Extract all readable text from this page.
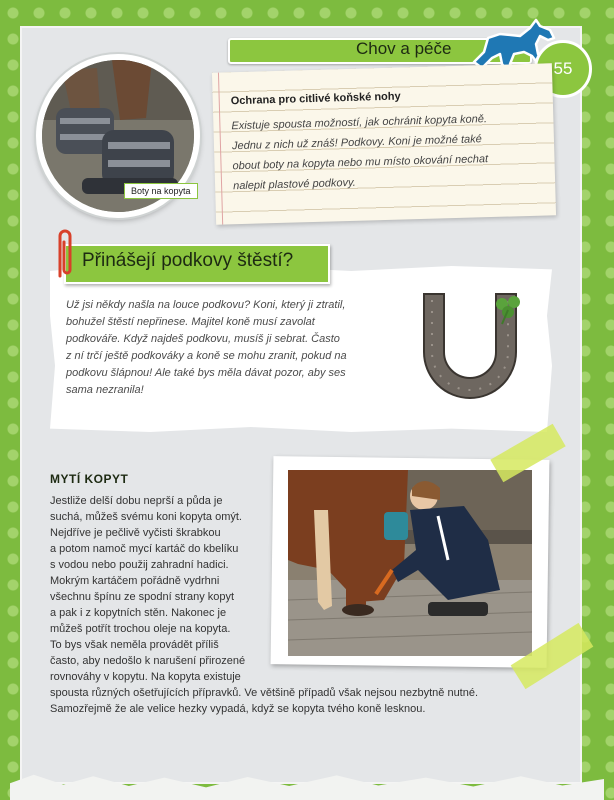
Chov a péče
55
Boty na kopyta
Ochrana pro citlivé koňské nohy
Existuje spousta možností, jak ochránit kopyta koně.
Jednu z nich už znáš! Podkovy. Koni je možné také
obout boty na kopyta nebo mu místo okování nechat
nalepit plastové podkovy.
Přinášejí podkovy štěstí?
Už jsi někdy našla na louce podkovu? Koni, který ji ztratil,
bohužel štěstí nepřinese. Majitel koně musí zavolat
podkováře. Když najdeš podkovu, musíš ji sebrat. Často
z ní trčí ještě podkováky a koně se mohu zranit, pokud na
podkovu šlápnou! Ale také bys měla dávat pozor, aby ses
sama nezranila!
MYTÍ KOPYT
Jestliže delší dobu neprší a půda je
suchá, můžeš svému koni kopyta omýt.
Nejdříve je pečlivě vyčisti škrabkou
a potom namoč mycí kartáč do kbelíku
s vodou nebo použij zahradní hadici.
Mokrým kartáčem pořádně vydrhni
všechnu špínu ze spodní strany kopyt
a pak i z kopytních stěn. Nakonec je
můžeš potřít trochou oleje na kopyta.
To bys však neměla provádět příliš
často, aby nedošlo k narušení přirozené
rovnováhy v kopytu. Na kopyta existuje
spousta různých ošetřujících přípravků. Ve většině případů však nejsou nezbytně nutné.
Samozřejmě že ale velice hezky vypadá, když se kopyta tvého koně lesknou.
